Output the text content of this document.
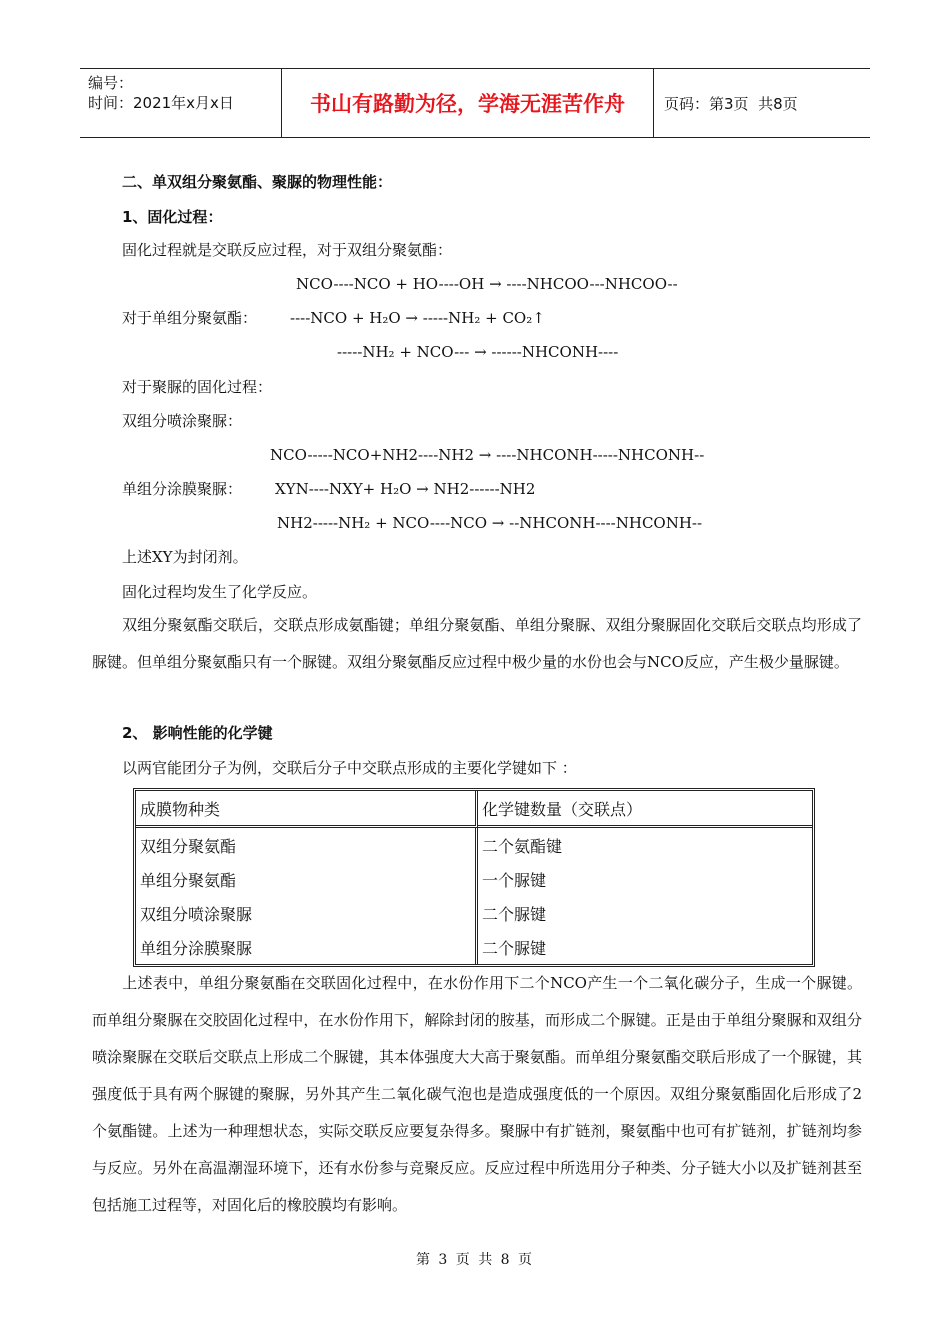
编号：
时间：2021年x月x日	书山有路勤为径，学海无涯苦作舟	页码：第3页  共8页
二、单双组分聚氨酯、聚脲的物理性能：
1、固化过程：
固化过程就是交联反应过程，对于双组分聚氨酯：
NCO----NCO + HO----OH → ----NHCOO---NHCOO--
对于单组分聚氨酯： ----NCO + H₂O → -----NH₂ + CO₂↑
-----NH₂ + NCO--- → ------NHCONH----
对于聚脲的固化过程：
双组分喷涂聚脲：
NCO-----NCO+NH2----NH2 → ----NHCONH-----NHCONH--
单组分涂膜聚脲： XYN----NXY+ H₂O → NH2------NH2
NH2-----NH₂ + NCO----NCO → --NHCONH----NHCONH--
上述XY为封闭剂。
固化过程均发生了化学反应。
双组分聚氨酯交联后，交联点形成氨酯键；单组分聚氨酯、单组分聚脲、双组分聚脲固化交联后交联点均形成了脲键。但单组分聚氨酯只有一个脲键。双组分聚氨酯反应过程中极少量的水份也会与NCO反应，产生极少量脲键。
2、 影响性能的化学键
以两官能团分子为例，交联后分子中交联点形成的主要化学键如下 ：
成膜物种类	化学键数量（交联点）
双组分聚氨酯	二个氨酯键
单组分聚氨酯	一个脲键
双组分喷涂聚脲	二个脲键
单组分涂膜聚脲	二个脲键
上述表中，单组分聚氨酯在交联固化过程中，在水份作用下二个NCO产生一个二氧化碳分子，生成一个脲键。而单组分聚脲在交胶固化过程中，在水份作用下，解除封闭的胺基，而形成二个脲键。正是由于单组分聚脲和双组分喷涂聚脲在交联后交联点上形成二个脲键，其本体强度大大高于聚氨酯。而单组分聚氨酯交联后形成了一个脲键，其强度低于具有两个脲键的聚脲，另外其产生二氧化碳气泡也是造成强度低的一个原因。双组分聚氨酯固化后形成了2个氨酯键。上述为一种理想状态，实际交联反应要复杂得多。聚脲中有扩链剂，聚氨酯中也可有扩链剂，扩链剂均参与反应。另外在高温潮湿环境下，还有水份参与竞聚反应。反应过程中所选用分子种类、分子链大小以及扩链剂甚至包括施工过程等，对固化后的橡胶膜均有影响。
第 3 页 共 8 页
